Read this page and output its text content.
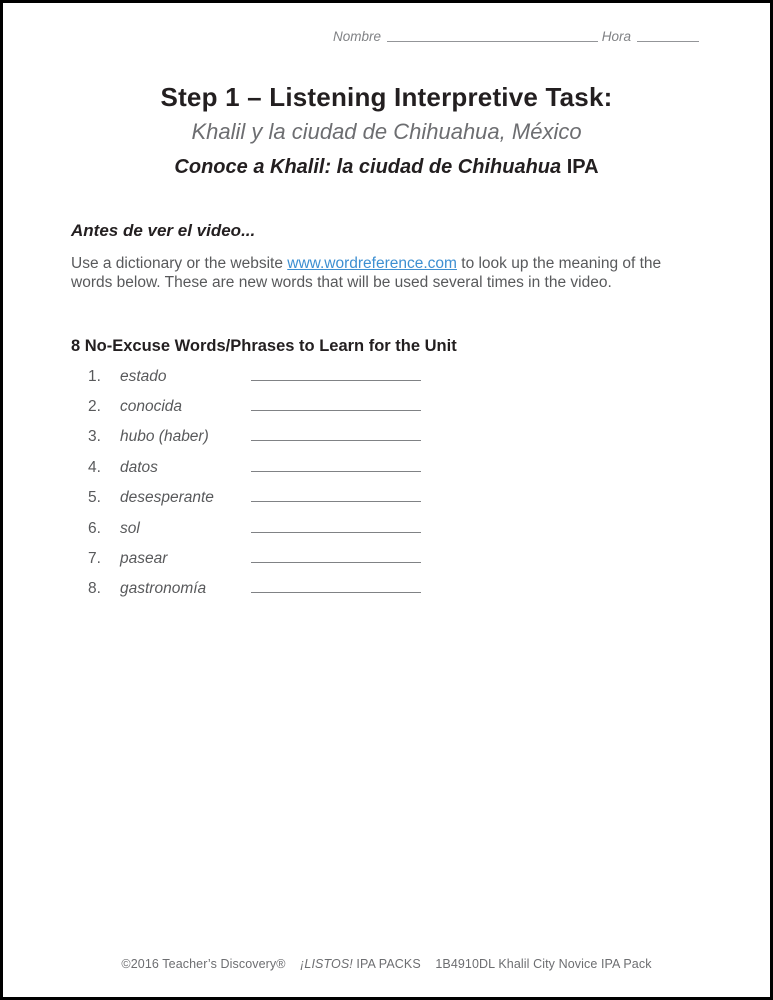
Nombre	Hora
Step 1 – Listening Interpretive Task:
Khalil y la ciudad de Chihuahua, México
Conoce a Khalil: la ciudad de Chihuahua IPA
Antes de ver el video...
Use a dictionary or the website www.wordreference.com to look up the meaning of the words below. These are new words that will be used several times in the video.
8 No-Excuse Words/Phrases to Learn for the Unit
1. estado
2. conocida
3. hubo (haber)
4. datos
5. desesperante
6. sol
7. pasear
8. gastronomía
©2016 Teacher’s Discovery® ¡LISTOS! IPA PACKS 1B4910DL Khalil City Novice IPA Pack
